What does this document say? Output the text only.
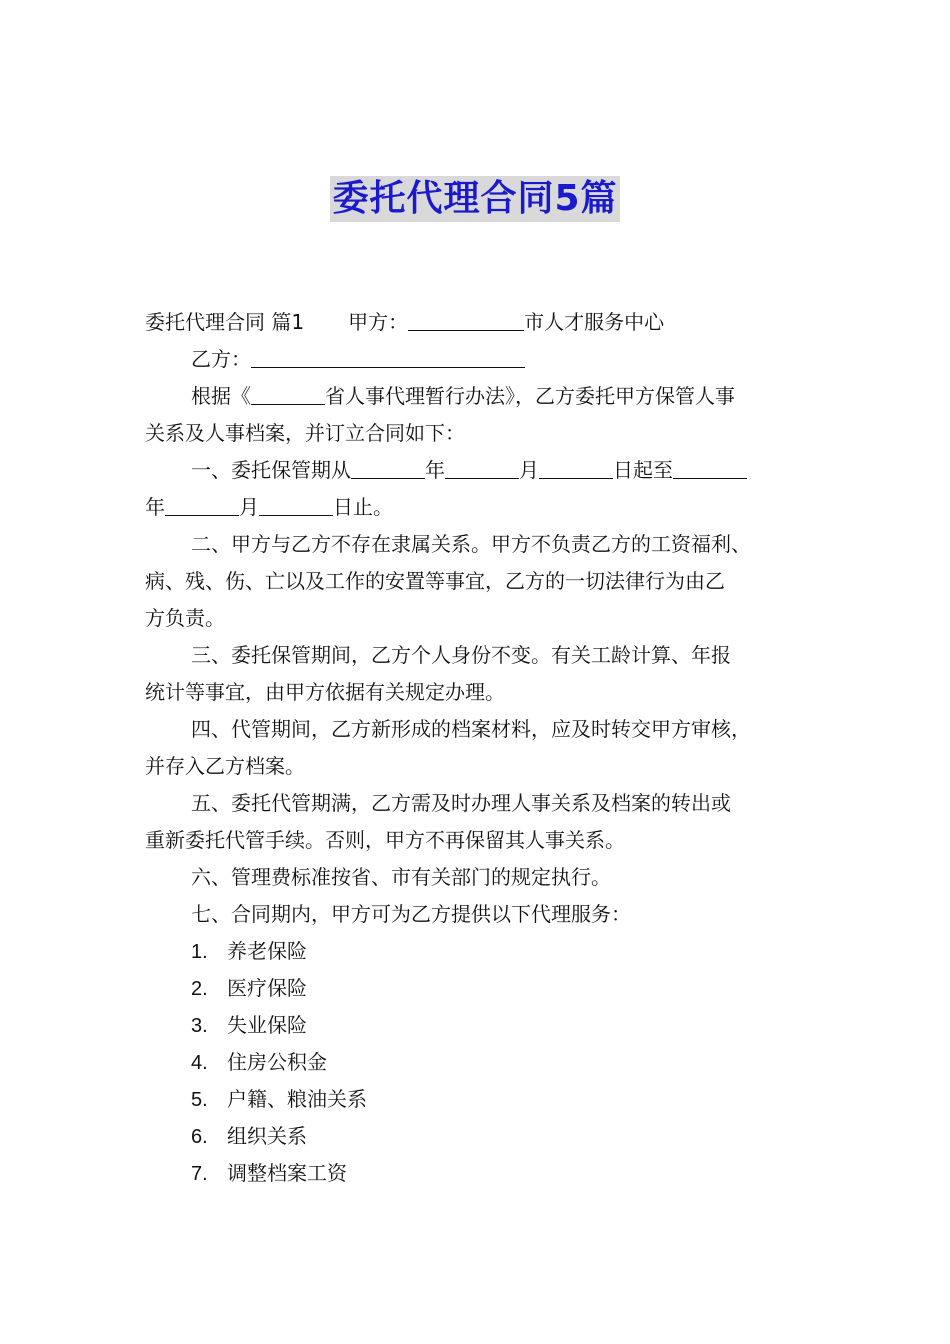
委托代理合同5篇
委托代理合同 篇1 甲方：	市人才服务中心
乙方：
根据《	省人事代理暂行办法》，乙方委托甲方保管人事
关系及人事档案，并订立合同如下：
一、委托保管期从	年	月	日起至
年	月	日止。
二、甲方与乙方不存在隶属关系。甲方不负责乙方的工资福利、
病、残、伤、亡以及工作的安置等事宜，乙方的一切法律行为由乙
方负责。
三、委托保管期间，乙方个人身份不变。有关工龄计算、年报
统计等事宜，由甲方依据有关规定办理。
四、代管期间，乙方新形成的档案材料，应及时转交甲方审核，
并存入乙方档案。
五、委托代管期满，乙方需及时办理人事关系及档案的转出或
重新委托代管手续。否则，甲方不再保留其人事关系。
六、管理费标准按省、市有关部门的规定执行。
七、合同期内，甲方可为乙方提供以下代理服务：
1. 养老保险
2. 医疗保险
3. 失业保险
4. 住房公积金
5. 户籍、粮油关系
6. 组织关系
7. 调整档案工资
